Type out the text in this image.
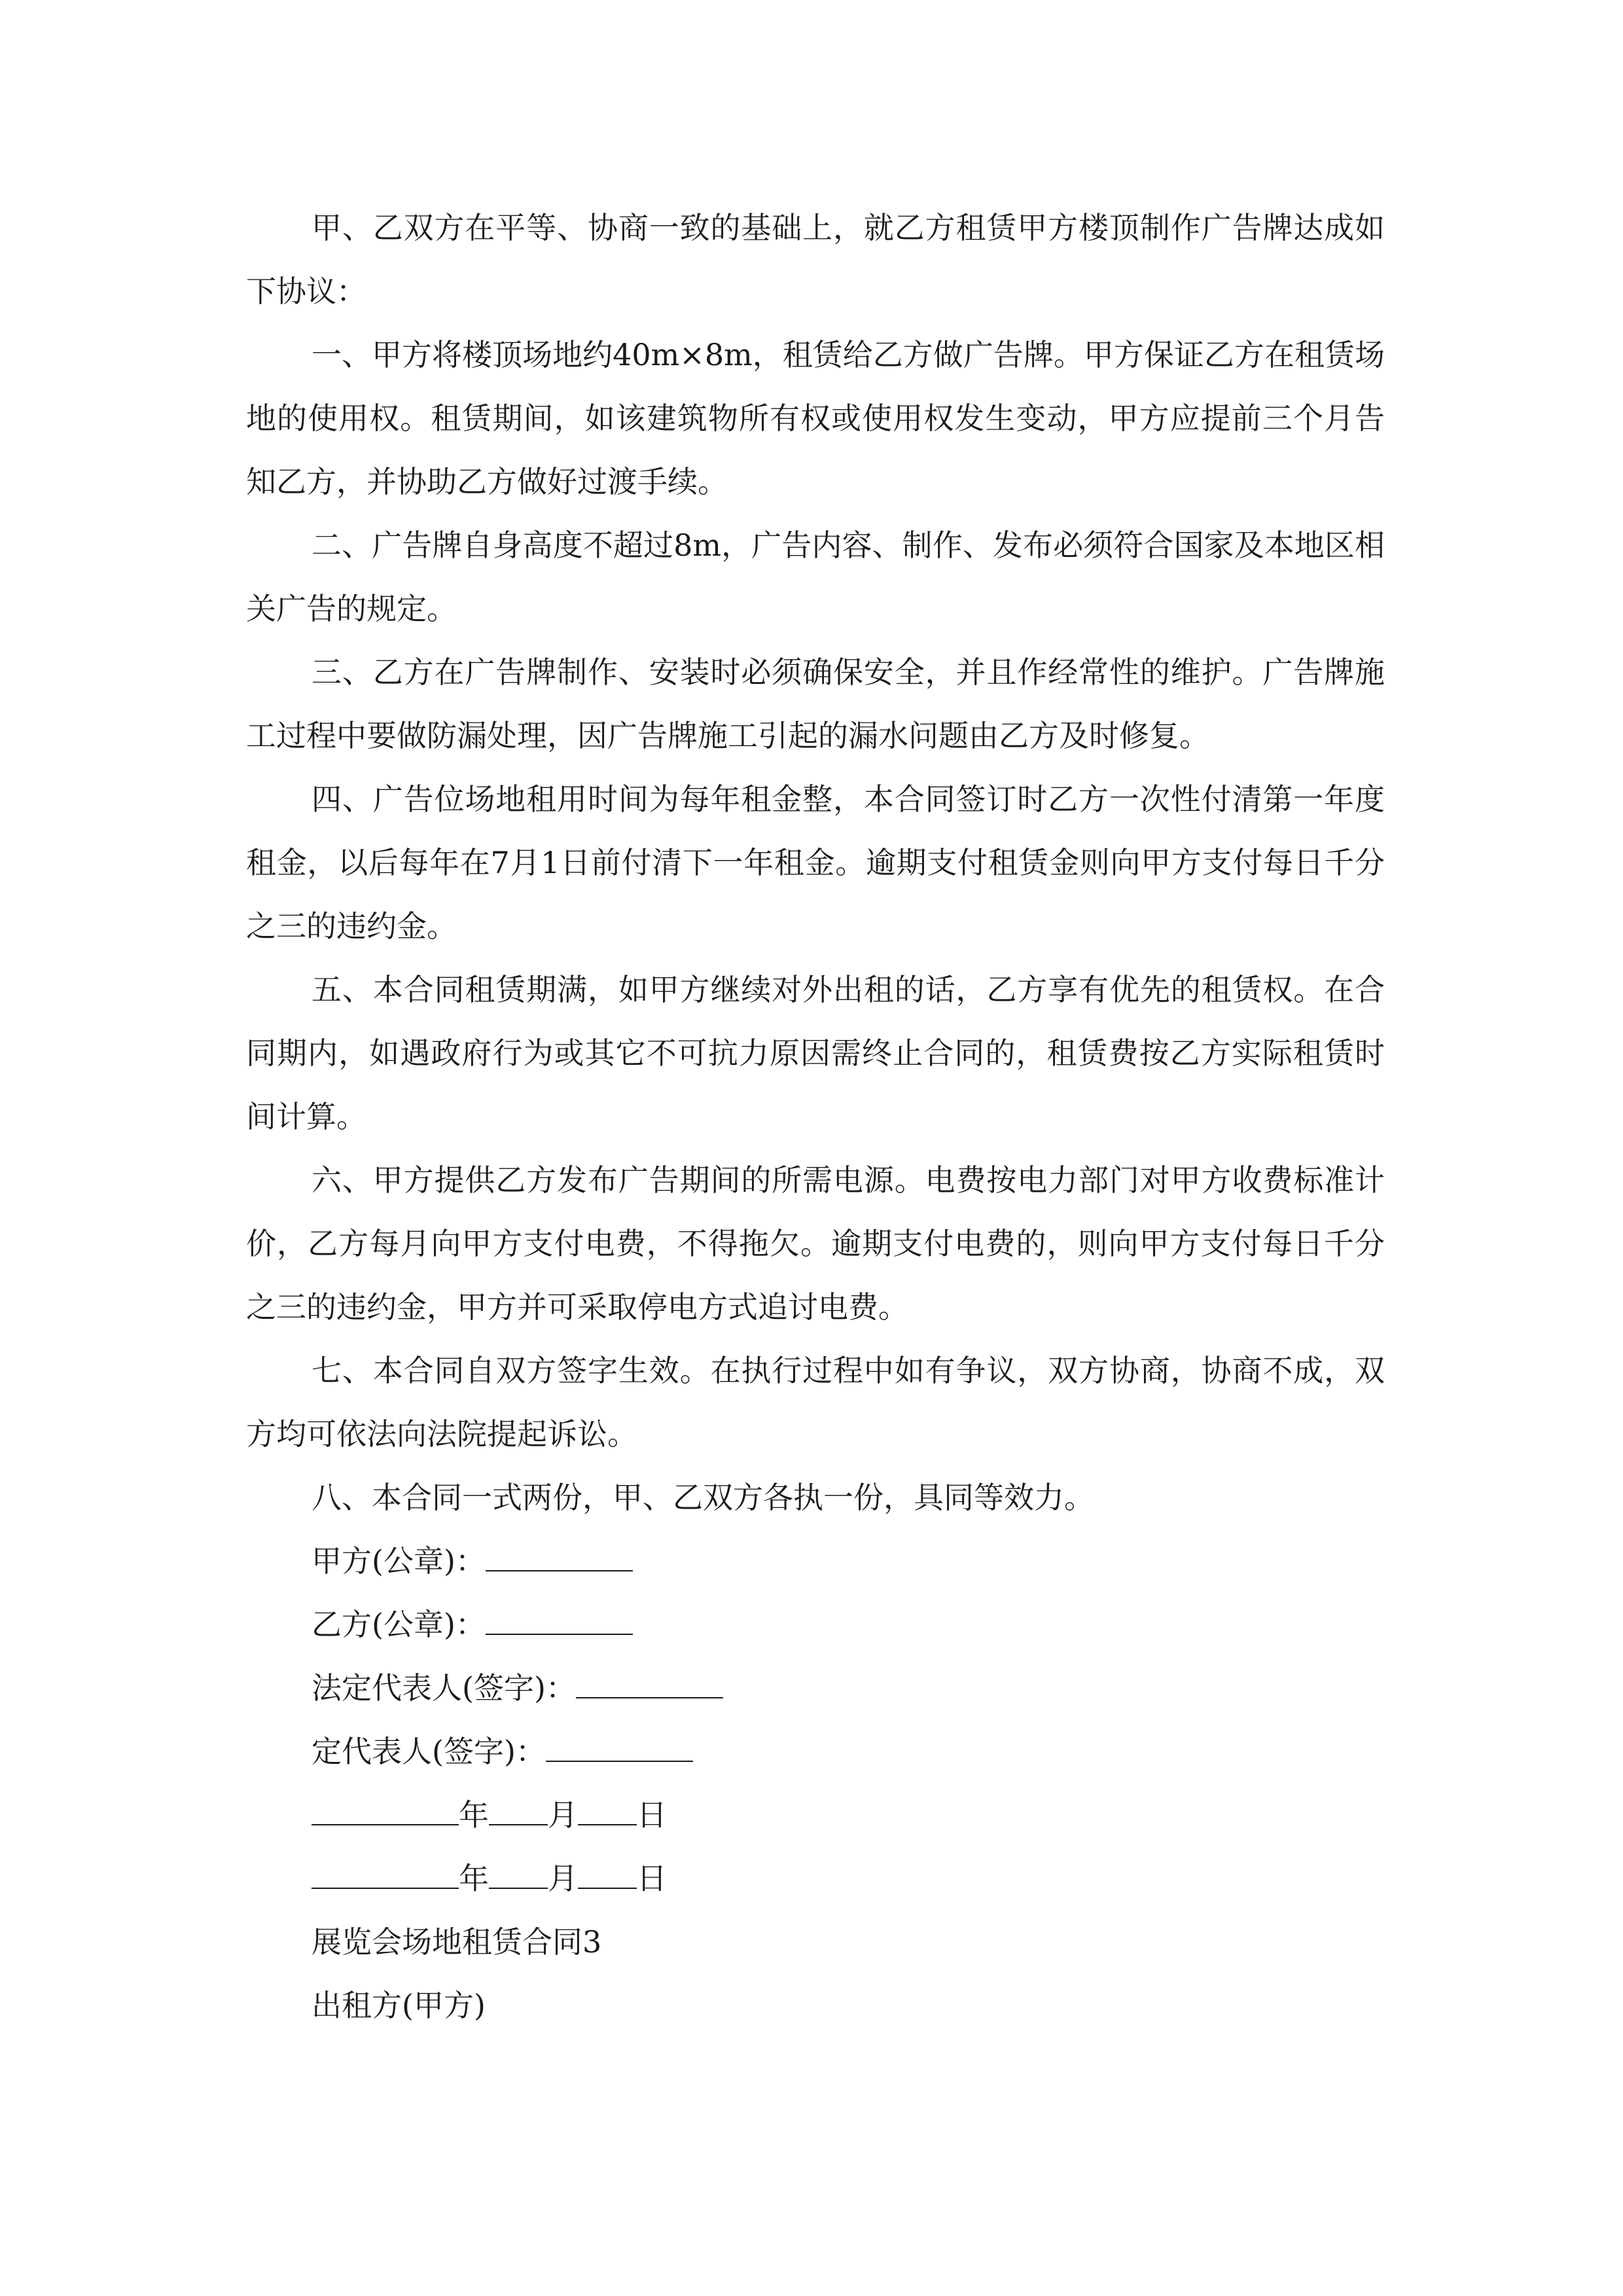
甲、乙双方在平等、协商一致的基础上，就乙方租赁甲方楼顶制作广告牌达成如下协议：

一、甲方将楼顶场地约40m×8m，租赁给乙方做广告牌。甲方保证乙方在租赁场地的使用权。租赁期间，如该建筑物所有权或使用权发生变动，甲方应提前三个月告知乙方，并协助乙方做好过渡手续。

二、广告牌自身高度不超过8m，广告内容、制作、发布必须符合国家及本地区相关广告的规定。

三、乙方在广告牌制作、安装时必须确保安全，并且作经常性的维护。广告牌施工过程中要做防漏处理，因广告牌施工引起的漏水问题由乙方及时修复。

四、广告位场地租用时间为每年租金整，本合同签订时乙方一次性付清第一年度租金，以后每年在7月1日前付清下一年租金。逾期支付租赁金则向甲方支付每日千分之三的违约金。

五、本合同租赁期满，如甲方继续对外出租的话，乙方享有优先的租赁权。在合同期内，如遇政府行为或其它不可抗力原因需终止合同的，租赁费按乙方实际租赁时间计算。

六、甲方提供乙方发布广告期间的所需电源。电费按电力部门对甲方收费标准计价，乙方每月向甲方支付电费，不得拖欠。逾期支付电费的，则向甲方支付每日千分之三的违约金，甲方并可采取停电方式追讨电费。

七、本合同自双方签字生效。在执行过程中如有争议，双方协商，协商不成，双方均可依法向法院提起诉讼。

八、本合同一式两份，甲、乙双方各执一份，具同等效力。

甲方(公章)：

乙方(公章)：

法定代表人(签字)：

定代表人(签字)：

年 月 日

年 月 日

展览会场地租赁合同3

出租方(甲方)
